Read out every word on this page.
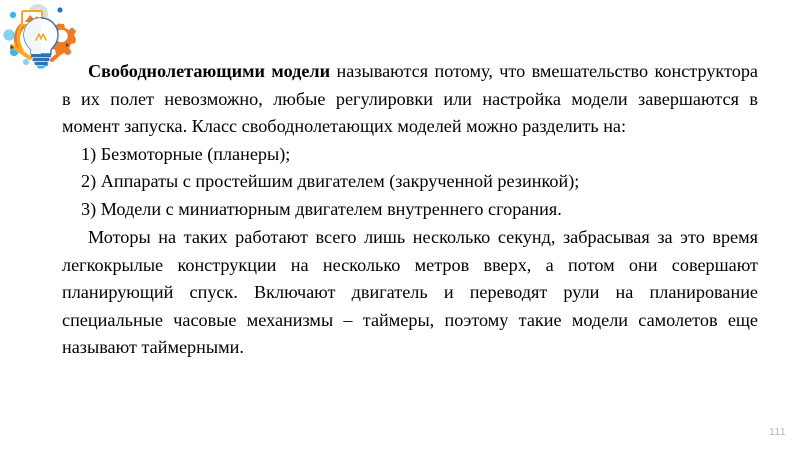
Свободнолетающими модели называются потому, что вмешательство конструктора в их полет невозможно, любые регулировки или настройка модели завершаются в момент запуска. Класс свободнолетающих моделей можно разделить на:

1) Безмоторные (планеры);
2) Аппараты с простейшим двигателем (закрученной резинкой);
3) Модели с миниатюрным двигателем внутреннего сгорания.

Моторы на таких работают всего лишь несколько секунд, забрасывая за это время легкокрылые конструкции на несколько метров вверх, а потом они совершают планирующий спуск. Включают двигатель и переводят рули на планирование специальные часовые механизмы – таймеры, поэтому такие модели самолетов еще называют таймерными.

111
